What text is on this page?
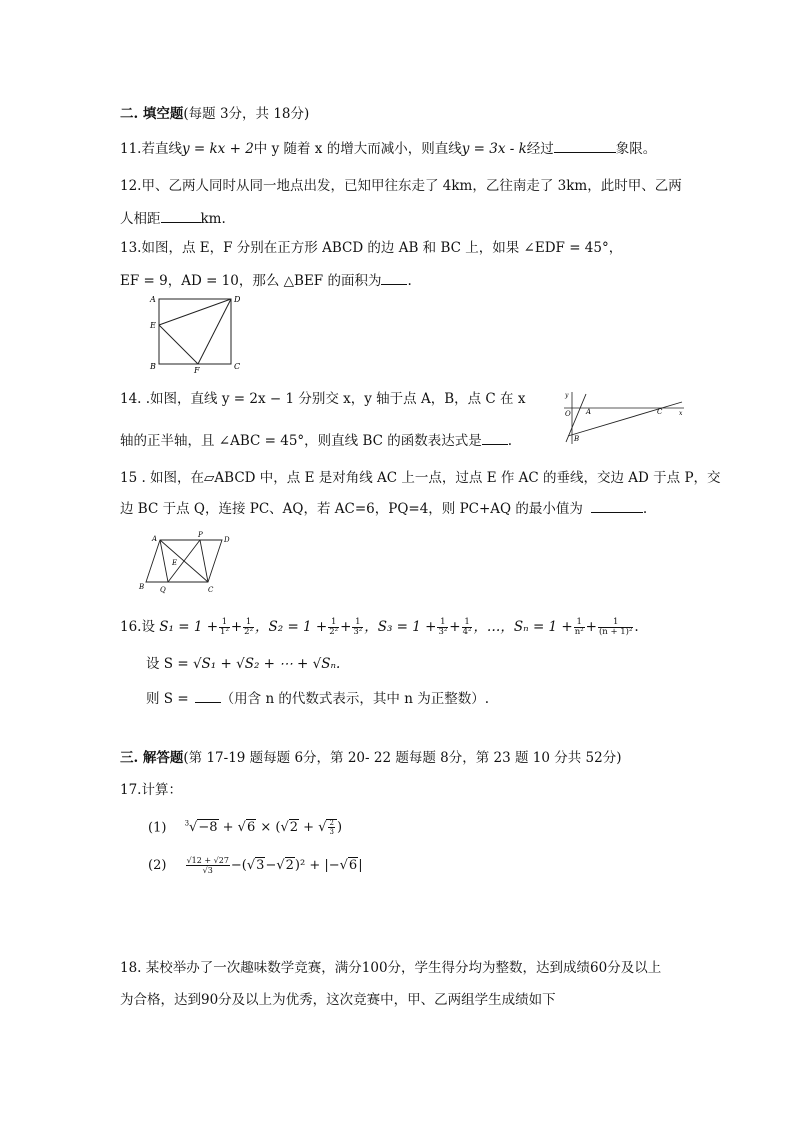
二. 填空题(每题 3分，共 18分)
11.若直线y = kx + 2中 y 随着 x 的增大而减小，则直线y = 3x - k经过	象限。
12.甲、乙两人同时从同一地点出发，已知甲往东走了 4km，乙往南走了 3km，此时甲、乙两
人相距	km.
13.如图，点 E，F 分别在正方形 ABCD 的边 AB 和 BC 上，如果 ∠EDF = 45°，
EF = 9，AD = 10，那么 △BEF 的面积为 .
A	D
E
B	F	C
14. .如图，直线 y = 2x − 1 分别交 x，y 轴于点 A，B，点 C 在 x
轴的正半轴，且 ∠ABC = 45°，则直线 BC 的函数表达式是 .
y
O A	C	x
B
15 . 如图，在▱ABCD 中，点 E 是对角线 AC 上一点，过点 E 作 AC 的垂线，交边 AD 于点 P，交
边 BC 于点 Q，连接 PC、AQ，若 AC=6，PQ=4，则 PC+AQ 的最小值为	.
A	P
D
E
B Q	C
16.设 $S_1 = 1 + \frac{1}{\text{1²}} + \frac{1}{\text{2²}}$ ，$S_2 = 1 + \frac{1}{\text{2²}} + \frac{1}{\text{3²}}$ ，$S_3 = 1 + \frac{1}{\text{3²}} + \frac{1}{\text{4²}}$ ，…，$S_n = 1 + \frac{1}{\text{n²}} + \frac{1}{\text{(n + 1)²}}$ .
设 S = √S₁ + √S₂ + ⋯ + √Sₙ.
则 S = （用含 n 的代数式表示，其中 n 为正整数）.
三. 解答题(第 17-19 题每题 6分，第 20- 22 题每题 8分，第 23 题 10 分共 52分)
17.计算：
(1)	$^3$√−8 + √6 × (√2 + √ $\frac{2}{3}$ )
$(2) \frac{√12 + √27}{√3} -(√3-√2)^2 + |-√6|$
18. 某校举办了一次趣味数学竞赛，满分100分，学生得分均为整数，达到成绩60分及以上
为合格，达到90分及以上为优秀，这次竞赛中，甲、乙两组学生成绩如下
